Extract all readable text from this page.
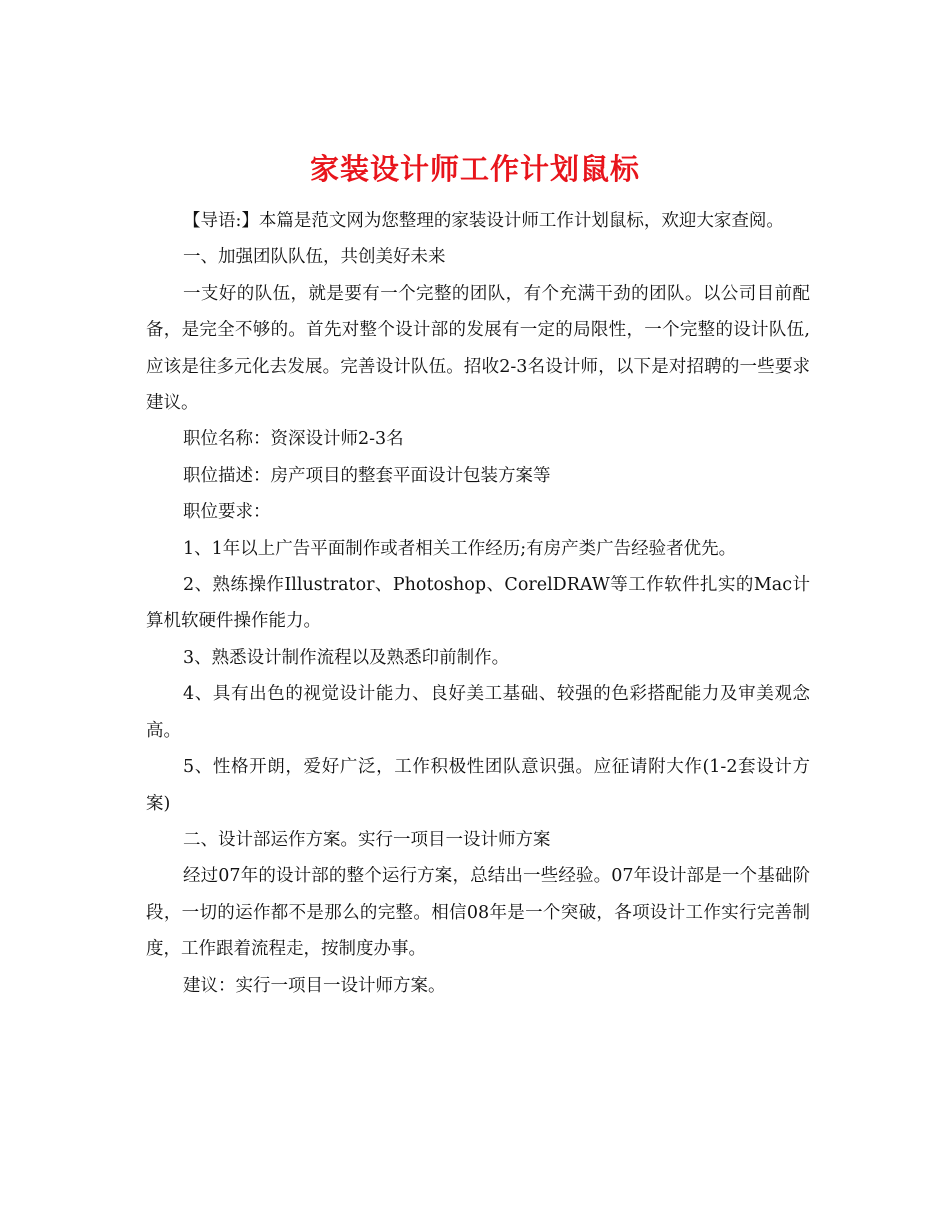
家装设计师工作计划鼠标

【导语:】本篇是范文网为您整理的家装设计师工作计划鼠标，欢迎大家查阅。

一、加强团队队伍，共创美好未来

一支好的队伍，就是要有一个完整的团队，有个充满干劲的团队。以公司目前配备，是完全不够的。首先对整个设计部的发展有一定的局限性，一个完整的设计队伍,应该是往多元化去发展。完善设计队伍。招收2-3名设计师，以下是对招聘的一些要求建议。

职位名称：资深设计师2-3名

职位描述：房产项目的整套平面设计包装方案等

职位要求：

1、1年以上广告平面制作或者相关工作经历;有房产类广告经验者优先。

2、熟练操作Illustrator、Photoshop、CorelDRAW等工作软件扎实的Mac计算机软硬件操作能力。

3、熟悉设计制作流程以及熟悉印前制作。

4、具有出色的视觉设计能力、良好美工基础、较强的色彩搭配能力及审美观念高。

5、性格开朗，爱好广泛，工作积极性团队意识强。应征请附大作(1-2套设计方案)

二、设计部运作方案。实行一项目一设计师方案

经过07年的设计部的整个运行方案，总结出一些经验。07年设计部是一个基础阶段，一切的运作都不是那么的完整。相信08年是一个突破，各项设计工作实行完善制度，工作跟着流程走，按制度办事。

建议：实行一项目一设计师方案。
